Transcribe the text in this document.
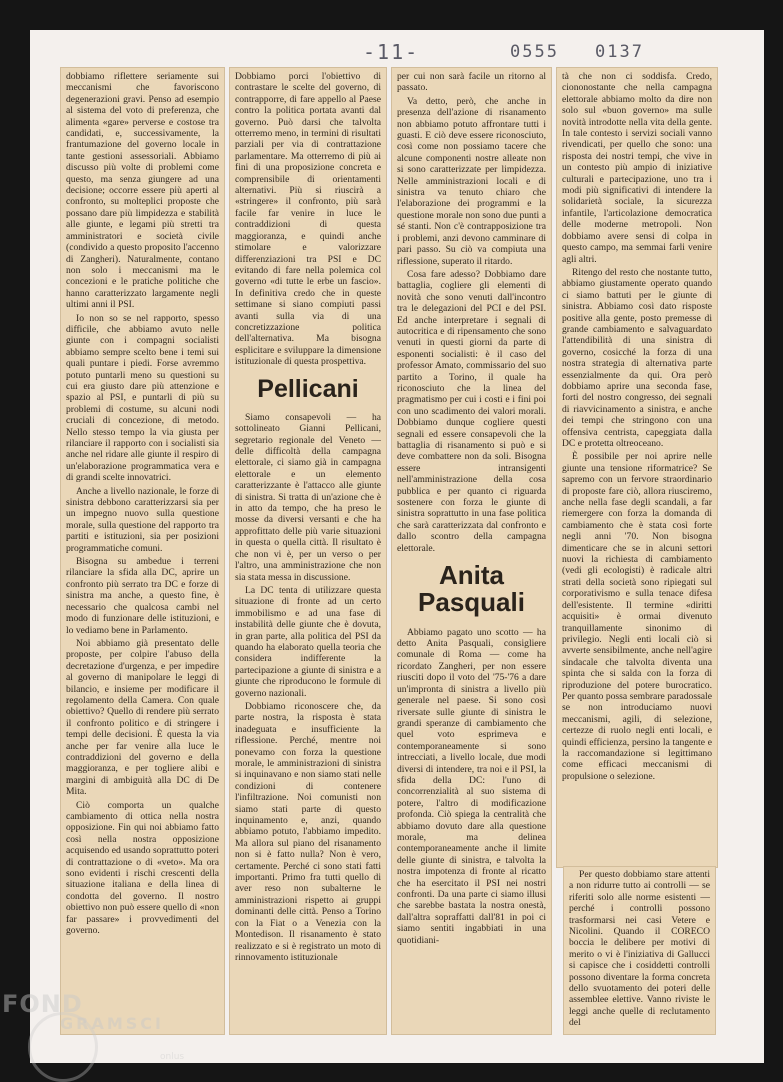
-11-	0555 0137

dobbiamo riflettere seriamente sui meccanismi che favoriscono degenerazioni gravi. Penso ad esempio al sistema del voto di preferenza, che alimenta «gare» perverse e costose tra candidati, e, successivamente, la frantumazione del governo locale in tante gestioni assessoriali. Abbiamo discusso più volte di problemi come questo, ma senza giungere ad una decisione; occorre essere più aperti al confronto, su molteplici proposte che possano dare più limpidezza e stabilità alle giunte, e legami più stretti tra amministratori e società civile (condivido a questo proposito l'accenno di Zangheri). Naturalmente, contano non solo i meccanismi ma le concezioni e le pratiche politiche che hanno caratterizzato largamente negli ultimi anni il PSI.

Io non so se nel rapporto, spesso difficile, che abbiamo avuto nelle giunte con i compagni socialisti abbiamo sempre scelto bene i temi sui quali puntare i piedi. Forse avremmo potuto puntarli meno su questioni su cui era giusto dare più attenzione e spazio al PSI, e puntarli di più su problemi di costume, su alcuni nodi cruciali di concezione, di metodo. Nello stesso tempo la via giusta per rilanciare il rapporto con i socialisti sia anche nel ridare alle giunte il respiro di un'elaborazione programmatica vera e di grandi scelte innovatrici.

Anche a livello nazionale, le forze di sinistra debbono caratterizzarsi sia per un impegno nuovo sulla questione morale, sulla questione del rapporto tra partiti e istituzioni, sia per posizioni programmatiche comuni.

Bisogna su ambedue i terreni rilanciare la sfida alla DC, aprire un confronto più serrato tra DC e forze di sinistra ma anche, a questo fine, è necessario che qualcosa cambi nel modo di funzionare delle istituzioni, e lo vediamo bene in Parlamento.

Noi abbiamo già presentato delle proposte, per colpire l'abuso della decretazione d'urgenza, e per impedire al governo di manipolare le leggi di bilancio, e insieme per modificare il regolamento della Camera. Con quale obiettivo? Quello di rendere più serrato il confronto politico e di stringere i tempi delle decisioni. È questa la via anche per far venire alla luce le contraddizioni del governo e della maggioranza, e per togliere alibi e margini di ambiguità alla DC di De Mita.

Ciò comporta un qualche cambiamento di ottica nella nostra opposizione. Fin qui noi abbiamo fatto così nella nostra opposizione acquisendo ed usando soprattutto poteri di contrattazione o di «veto». Ma ora sono evidenti i rischi crescenti della situazione italiana e della linea di condotta del governo. Il nostro obiettivo non può essere quello di «non far passare» i provvedimenti del governo.

Dobbiamo porci l'obiettivo di contrastare le scelte del governo, di contrapporre, di fare appello al Paese contro la politica portata avanti dal governo. Può darsi che talvolta otterremo meno, in termini di risultati parziali per via di contrattazione parlamentare. Ma otterremo di più ai fini di una proposizione concreta e comprensibile di orientamenti alternativi. Più si riuscirà a «stringere» il confronto, più sarà facile far venire in luce le contraddizioni di questa maggioranza, e quindi anche stimolare e valorizzare differenziazioni tra PSI e DC evitando di fare nella polemica col governo «di tutte le erbe un fascio». In definitiva credo che in queste settimane si siano compiuti passi avanti sulla via di una concretizzazione politica dell'alternativa. Ma bisogna esplicitare e sviluppare la dimensione istituzionale di questa prospettiva.

Pellicani

Siamo consapevoli — ha sottolineato Gianni Pellicani, segretario regionale del Veneto — delle difficoltà della campagna elettorale, ci siamo già in campagna elettorale e un elemento caratterizzante è l'attacco alle giunte di sinistra. Si tratta di un'azione che è in atto da tempo, che ha preso le mosse da diversi versanti e che ha approfittato delle più varie situazioni in questa o quella città. Il risultato è che non vi è, per un verso o per l'altro, una amministrazione che non sia stata messa in discussione.

La DC tenta di utilizzare questa situazione di fronte ad un certo immobilismo e ad una fase di instabilità delle giunte che è dovuta, in gran parte, alla politica del PSI da quando ha elaborato quella teoria che considera indifferente la partecipazione a giunte di sinistra e a giunte che riproducono le formule di governo nazionali.

Dobbiamo riconoscere che, da parte nostra, la risposta è stata inadeguata e insufficiente la riflessione. Perché, mentre noi ponevamo con forza la questione morale, le amministrazioni di sinistra si inquinavano e non siamo stati nelle condizioni di contenere l'infiltrazione. Noi comunisti non siamo stati parte di questo inquinamento e, anzi, quando abbiamo potuto, l'abbiamo impedito. Ma allora sul piano del risanamento non si è fatto nulla? Non è vero, certamente. Perché ci sono stati fatti importanti. Primo fra tutti quello di aver reso non subalterne le amministrazioni rispetto ai gruppi dominanti delle città. Penso a Torino con la Fiat o a Venezia con la Montedison. Il risanamento è stato realizzato e si è registrato un moto di rinnovamento istituzionale

per cui non sarà facile un ritorno al passato.

Va detto, però, che anche in presenza dell'azione di risanamento non abbiamo potuto affrontare tutti i guasti. E ciò deve essere riconosciuto, così come non possiamo tacere che alcune componenti nostre alleate non si sono caratterizzate per limpidezza. Nelle amministrazioni locali e di sinistra va tenuto chiaro che l'elaborazione dei programmi e la questione morale non sono due punti a sé stanti. Non c'è contrapposizione tra i problemi, anzi devono camminare di pari passo. Su ciò va compiuta una riflessione, superato il ritardo.

Cosa fare adesso? Dobbiamo dare battaglia, cogliere gli elementi di novità che sono venuti dall'incontro tra le delegazioni del PCI e del PSI. Ed anche interpretare i segnali di autocritica e di ripensamento che sono venuti in questi giorni da parte di esponenti socialisti: è il caso del professor Amato, commissario del suo partito a Torino, il quale ha riconosciuto che la linea del pragmatismo per cui i costi e i fini poi con uno scadimento dei valori morali. Dobbiamo dunque cogliere questi segnali ed essere consapevoli che la battaglia di risanamento si può e si deve combattere non da soli. Bisogna essere intransigenti nell'amministrazione della cosa pubblica e per quanto ci riguarda sostenere con forza le giunte di sinistra soprattutto in una fase politica che sarà caratterizzata dal confronto e dallo scontro della campagna elettorale.

Anita Pasquali

Abbiamo pagato uno scotto — ha detto Anita Pasquali, consigliere comunale di Roma — come ha ricordato Zangheri, per non essere riusciti dopo il voto del '75-'76 a dare un'impronta di sinistra a livello più generale nel paese. Si sono così riversate sulle giunte di sinistra le grandi speranze di cambiamento che quel voto esprimeva e contemporaneamente si sono intrecciati, a livello locale, due modi diversi di intendere, tra noi e il PSI, la sfida della DC: l'uno di concorrenzialità al suo sistema di potere, l'altro di modificazione profonda. Ciò spiega la centralità che abbiamo dovuto dare alla questione morale, ma delinea contemporaneamente anche il limite delle giunte di sinistra, e talvolta la nostra impotenza di fronte al ricatto che ha esercitato il PSI nei nostri confronti. Da una parte ci siamo illusi che sarebbe bastata la nostra onestà, dall'altra sopraffatti dall'81 in poi ci siamo sentiti ingabbiati in una quotidiani-

tà che non ci soddisfa. Credo, ciononostante che nella campagna elettorale abbiamo molto da dire non solo sul «buon governo» ma sulle novità introdotte nella vita della gente. In tale contesto i servizi sociali vanno rivendicati, per quello che sono: una risposta dei nostri tempi, che vive in un contesto più ampio di iniziative culturali e partecipazione, uno tra i modi più significativi di intendere la solidarietà sociale, la sicurezza infantile, l'articolazione democratica delle moderne metropoli. Non dobbiamo avere sensi di colpa in questo campo, ma semmai farli venire agli altri.

Ritengo del resto che nostante tutto, abbiamo giustamente operato quando ci siamo battuti per le giunte di sinistra. Abbiamo così dato risposte positive alla gente, posto premesse di grande cambiamento e salvaguardato l'attendibilità di una sinistra di governo, cosicché la forza di una nostra strategia di alternativa parte essenzialmente da qui. Ora però dobbiamo aprire una seconda fase, forti del nostro congresso, dei segnali di riavvicinamento a sinistra, e anche dei tempi che stringono con una offensiva centrista, capeggiata dalla DC e protetta oltreoceano.

È possibile per noi aprire nelle giunte una tensione riformatrice? Se sapremo con un fervore straordinario di proposte fare ciò, allora riusciremo, anche nella fase degli scandali, a far riemergere con forza la domanda di cambiamento che è stata così forte negli anni '70. Non bisogna dimenticare che se in alcuni settori nuovi la richiesta di cambiamento (vedi gli ecologisti) è radicale altri strati della società sono ripiegati sul corporativismo e sulla tenace difesa dell'esistente. Il termine «diritti acquisiti» è ormai divenuto tranquillamente sinonimo di privilegio. Negli enti locali ciò si avverte sensibilmente, anche nell'agire sindacale che talvolta diventa una spinta che si salda con la forza di riproduzione del potere burocratico. Per quanto possa sembrare paradossale se non introduciamo nuovi meccanismi, agili, di selezione, certezze di ruolo negli enti locali, e quindi efficienza, persino la tangente e la raccomandazione si legittimano come efficaci meccanismi di propulsione o selezione.

Per questo dobbiamo stare attenti a non ridurre tutto ai controlli — se riferiti solo alle norme esistenti — perché i controlli possono trasformarsi nei casi Vetere e Nicolini. Quando il CORECO boccia le delibere per motivi di merito o vi è l'iniziativa di Gallucci si capisce che i cosiddetti controlli possono diventare la forma concreta dello svuotamento dei poteri delle assemblee elettive. Vanno riviste le leggi anche quelle di reclutamento del

FOND
GRAMSCI
onlus
